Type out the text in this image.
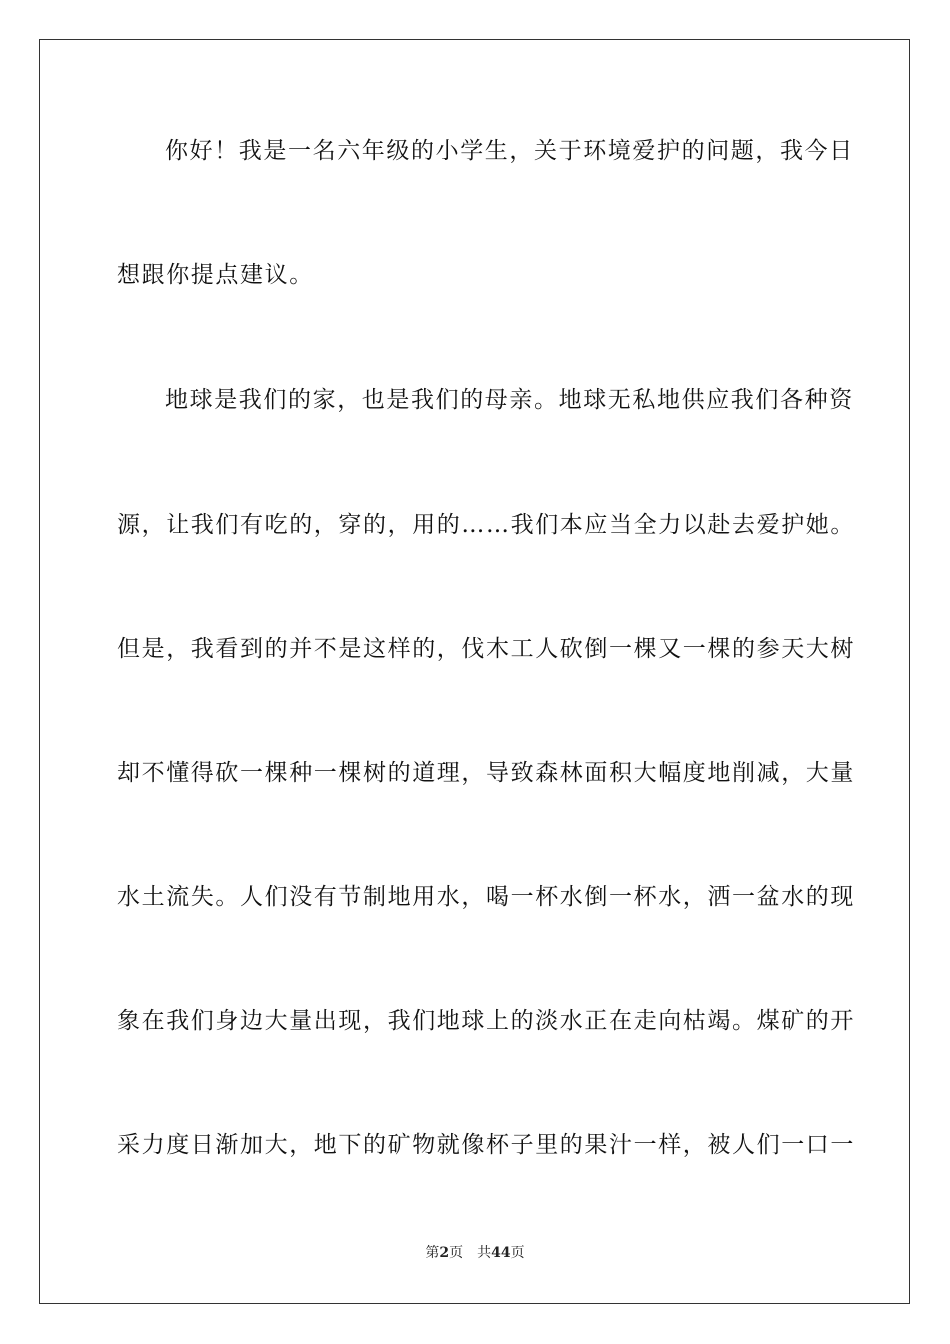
你好！我是一名六年级的小学生，关于环境爱护的问题，我今日
想跟你提点建议。
地球是我们的家，也是我们的母亲。地球无私地供应我们各种资
源，让我们有吃的，穿的，用的……我们本应当全力以赴去爱护她。
但是，我看到的并不是这样的，伐木工人砍倒一棵又一棵的参天大树
却不懂得砍一棵种一棵树的道理，导致森林面积大幅度地削减，大量
水土流失。人们没有节制地用水，喝一杯水倒一杯水，洒一盆水的现
象在我们身边大量出现，我们地球上的淡水正在走向枯竭。煤矿的开
采力度日渐加大，地下的矿物就像杯子里的果汁一样，被人们一口一
第2页 共44页
